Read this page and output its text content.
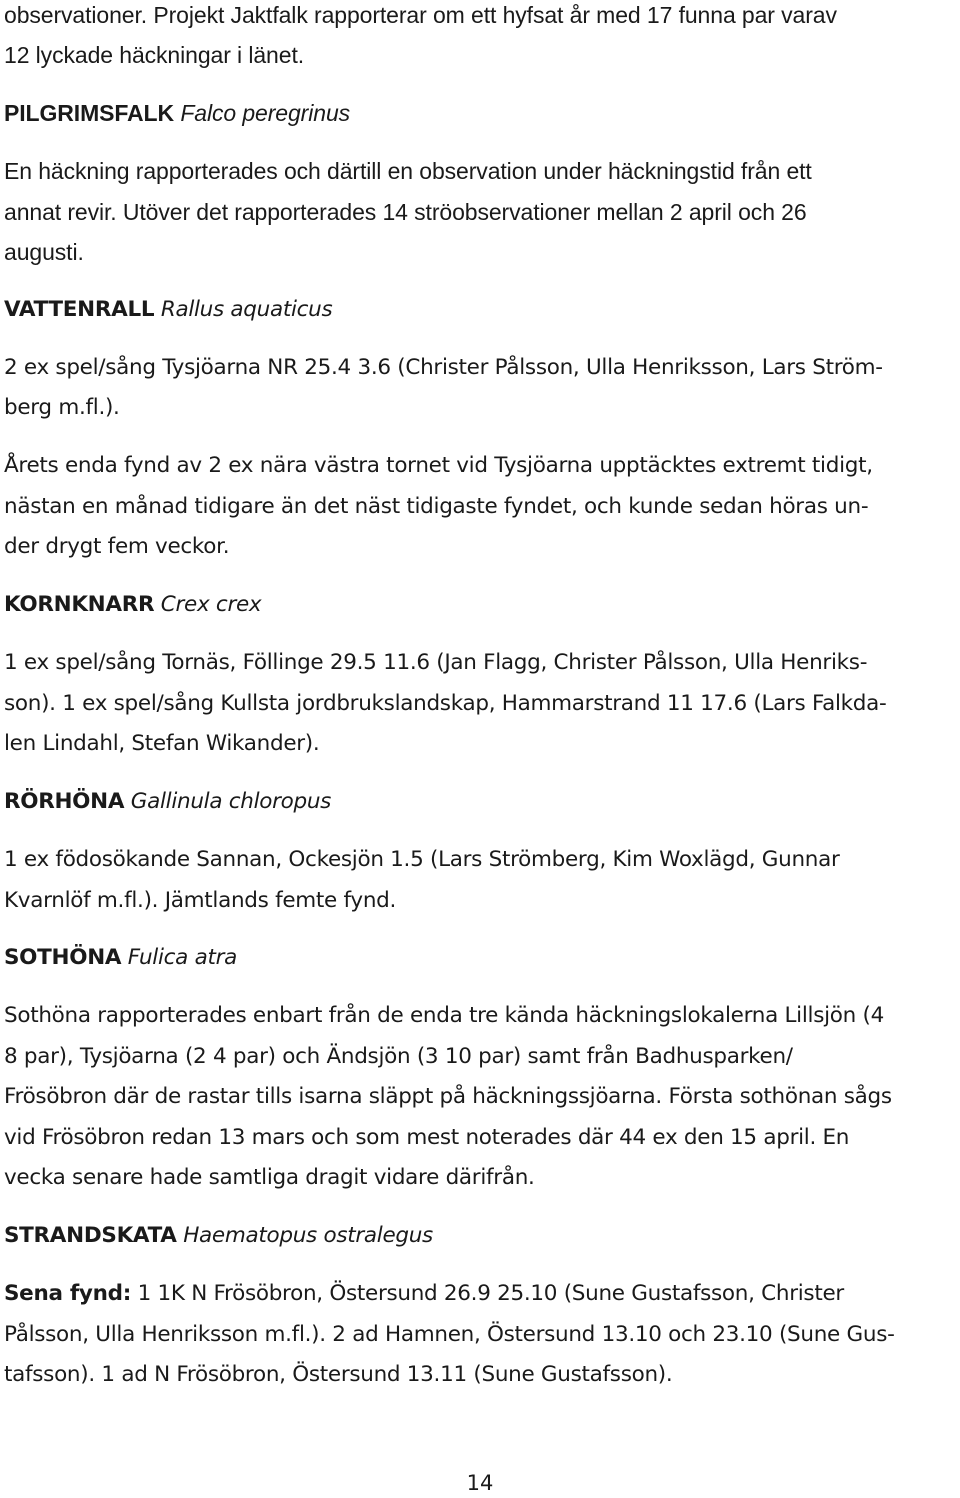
observationer. Projekt Jaktfalk rapporterar om ett hyfsat år med 17 funna par varav
12 lyckade häckningar i länet.
PILGRIMSFALK Falco peregrinus
En häckning rapporterades och därtill en observation under häckningstid från ett
annat revir. Utöver det rapporterades 14 ströobservationer mellan 2 april och 26
augusti.
VATTENRALL Rallus aquaticus
2 ex spel/sång Tysjöarna NR 25.4 3.6 (Christer Pålsson, Ulla Henriksson, Lars Ström-
berg m.fl.).
Årets enda fynd av 2 ex nära västra tornet vid Tysjöarna upptäcktes extremt tidigt,
nästan en månad tidigare än det näst tidigaste fyndet, och kunde sedan höras un-
der drygt fem veckor.
KORNKNARR Crex crex
1 ex spel/sång Tornäs, Föllinge 29.5 11.6 (Jan Flagg, Christer Pålsson, Ulla Henriks-
son). 1 ex spel/sång Kullsta jordbrukslandskap, Hammarstrand 11 17.6 (Lars Falkda-
len Lindahl, Stefan Wikander).
RÖRHÖNA Gallinula chloropus
1 ex födosökande Sannan, Ockesjön 1.5 (Lars Strömberg, Kim Woxlägd, Gunnar
Kvarnlöf m.fl.). Jämtlands femte fynd.
SOTHÖNA Fulica atra
Sothöna rapporterades enbart från de enda tre kända häckningslokalerna Lillsjön (4
8 par), Tysjöarna (2 4 par) och Ändsjön (3 10 par) samt från Badhusparken/
Frösöbron där de rastar tills isarna släppt på häckningssjöarna. Första sothönan sågs
vid Frösöbron redan 13 mars och som mest noterades där 44 ex den 15 april. En
vecka senare hade samtliga dragit vidare därifrån.
STRANDSKATA Haematopus ostralegus
Sena fynd: 1 1K N Frösöbron, Östersund 26.9 25.10 (Sune Gustafsson, Christer
Pålsson, Ulla Henriksson m.fl.). 2 ad Hamnen, Östersund 13.10 och 23.10 (Sune Gus-
tafsson). 1 ad N Frösöbron, Östersund 13.11 (Sune Gustafsson).
14
